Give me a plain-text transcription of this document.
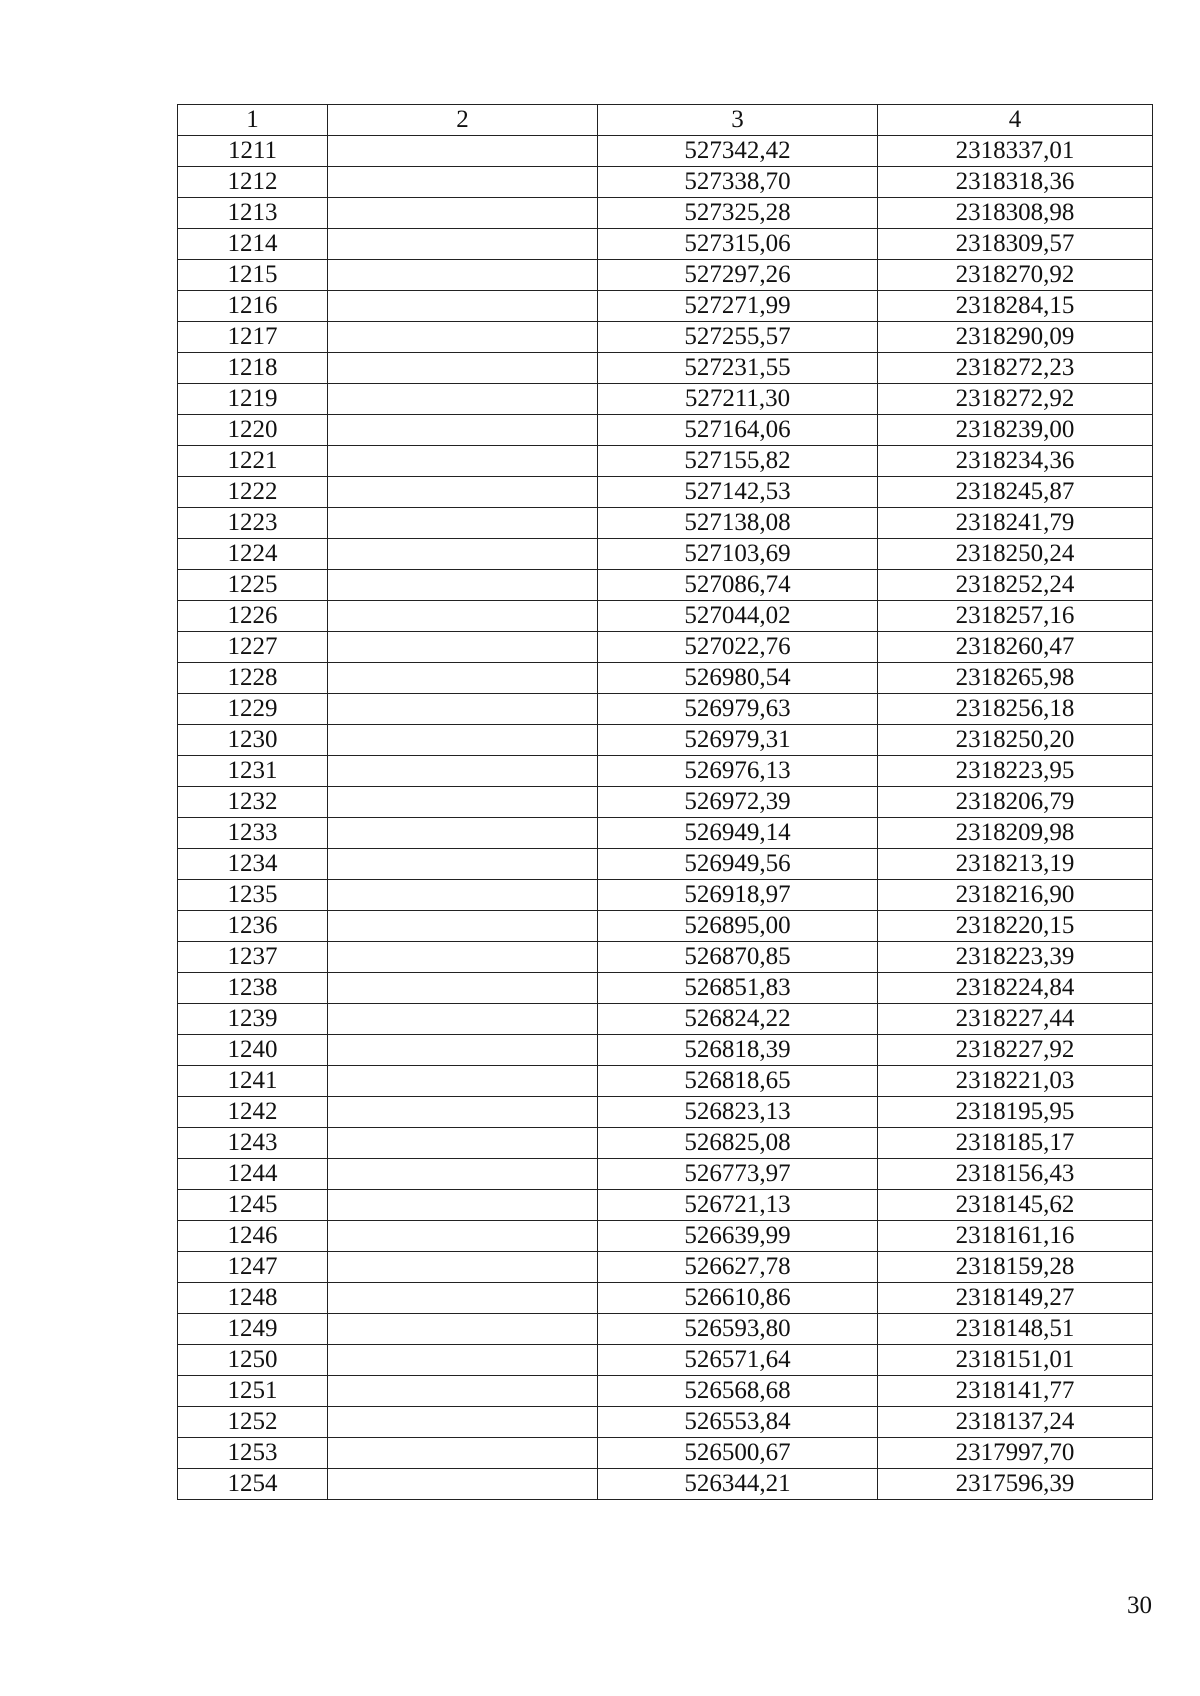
1	2	3	4
1211		527342,42	2318337,01
1212		527338,70	2318318,36
1213		527325,28	2318308,98
1214		527315,06	2318309,57
1215		527297,26	2318270,92
1216		527271,99	2318284,15
1217		527255,57	2318290,09
1218		527231,55	2318272,23
1219		527211,30	2318272,92
1220		527164,06	2318239,00
1221		527155,82	2318234,36
1222		527142,53	2318245,87
1223		527138,08	2318241,79
1224		527103,69	2318250,24
1225		527086,74	2318252,24
1226		527044,02	2318257,16
1227		527022,76	2318260,47
1228		526980,54	2318265,98
1229		526979,63	2318256,18
1230		526979,31	2318250,20
1231		526976,13	2318223,95
1232		526972,39	2318206,79
1233		526949,14	2318209,98
1234		526949,56	2318213,19
1235		526918,97	2318216,90
1236		526895,00	2318220,15
1237		526870,85	2318223,39
1238		526851,83	2318224,84
1239		526824,22	2318227,44
1240		526818,39	2318227,92
1241		526818,65	2318221,03
1242		526823,13	2318195,95
1243		526825,08	2318185,17
1244		526773,97	2318156,43
1245		526721,13	2318145,62
1246		526639,99	2318161,16
1247		526627,78	2318159,28
1248		526610,86	2318149,27
1249		526593,80	2318148,51
1250		526571,64	2318151,01
1251		526568,68	2318141,77
1252		526553,84	2318137,24
1253		526500,67	2317997,70
1254		526344,21	2317596,39
30
